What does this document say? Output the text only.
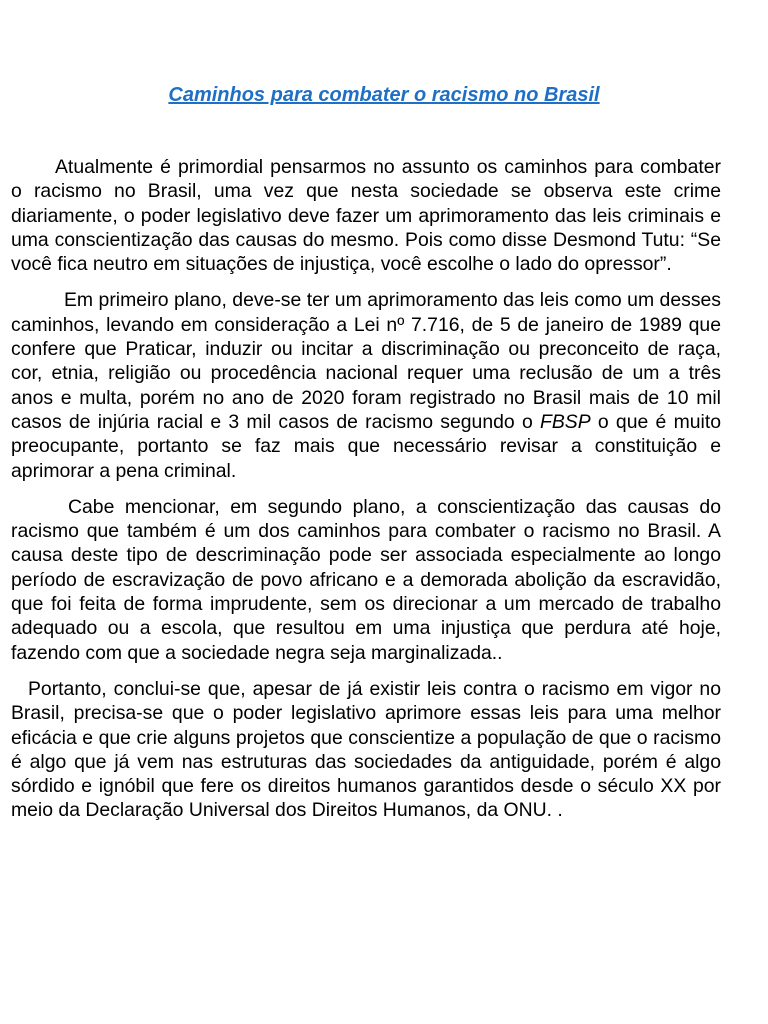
Caminhos para combater o racismo no Brasil

Atualmente é primordial pensarmos no assunto os caminhos para combater o racismo no Brasil, uma vez que nesta sociedade se observa este crime diariamente, o poder legislativo deve fazer um aprimoramento das leis criminais e uma conscientização das causas do mesmo. Pois como disse Desmond Tutu: “Se você fica neutro em situações de injustiça, você escolhe o lado do opressor”.

Em primeiro plano, deve-se ter um aprimoramento das leis como um desses caminhos, levando em consideração a Lei nº 7.716, de 5 de janeiro de 1989 que confere que Praticar, induzir ou incitar a discriminação ou preconceito de raça, cor, etnia, religião ou procedência nacional requer uma reclusão de um a três anos e multa, porém no ano de 2020 foram registrado no Brasil mais de 10 mil casos de injúria racial e 3 mil casos de racismo segundo o FBSP o que é muito preocupante, portanto se faz mais que necessário revisar a constituição e aprimorar a pena criminal.

Cabe mencionar, em segundo plano, a conscientização das causas do racismo que também é um dos caminhos para combater o racismo no Brasil. A causa deste tipo de descriminação pode ser associada especialmente ao longo período de escravização de povo africano e a demorada abolição da escravidão, que foi feita de forma imprudente, sem os direcionar a um mercado de trabalho adequado ou a escola, que resultou em uma injustiça que perdura até hoje, fazendo com que a sociedade negra seja marginalizada..

Portanto, conclui-se que, apesar de já existir leis contra o racismo em vigor no Brasil, precisa-se que o poder legislativo aprimore essas leis para uma melhor eficácia e que crie alguns projetos que conscientize a população de que o racismo é algo que já vem nas estruturas das sociedades da antiguidade, porém é algo sórdido e ignóbil que fere os direitos humanos garantidos desde o século XX por meio da Declaração Universal dos Direitos Humanos, da ONU. .
